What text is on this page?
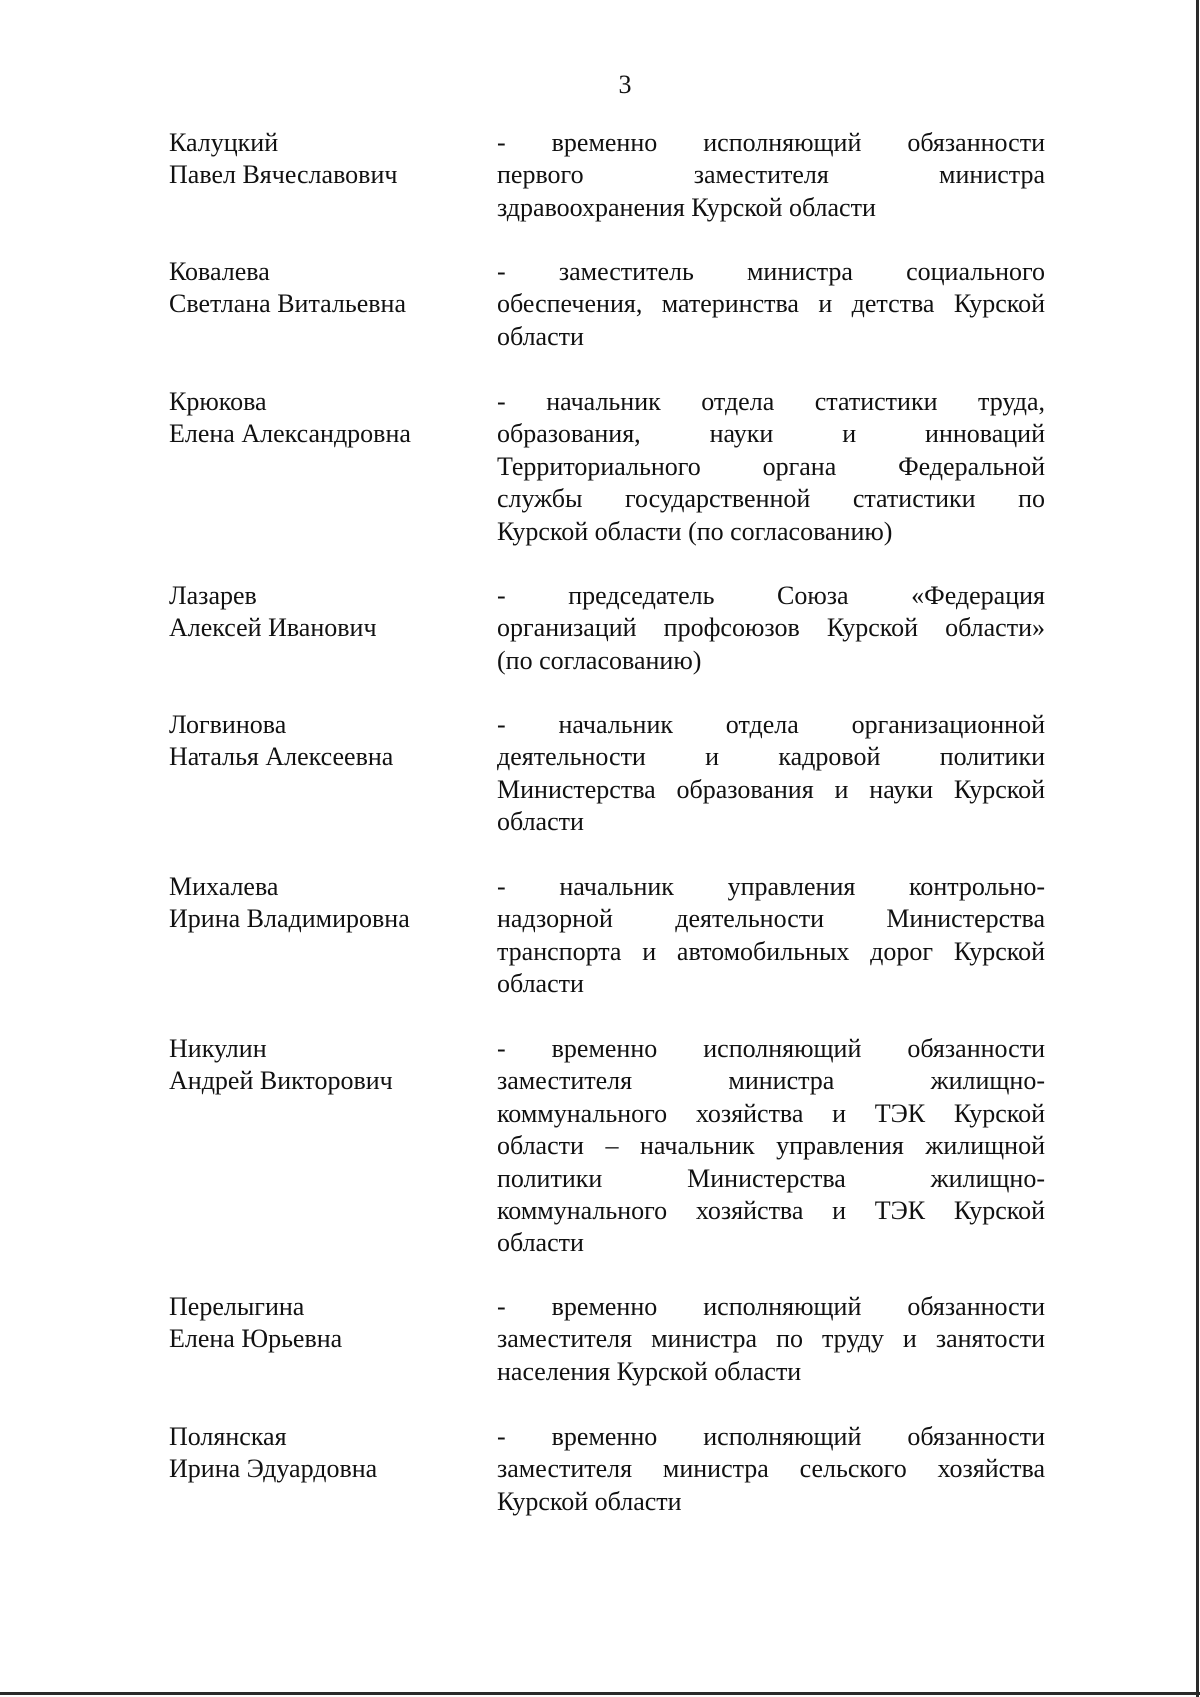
3
Калуцкий
Павел Вячеславович
- временно исполняющий обязанности
первого заместителя министра
здравоохранения Курской области
Ковалева
Светлана Витальевна
- заместитель министра социального
обеспечения, материнства и детства Курской
области
Крюкова
Елена Александровна
- начальник отдела статистики труда,
образования, науки и инноваций
Территориального органа Федеральной
службы государственной статистики по
Курской области (по согласованию)
Лазарев
Алексей Иванович
- председатель Союза «Федерация
организаций профсоюзов Курской области»
(по согласованию)
Логвинова
Наталья Алексеевна
- начальник отдела организационной
деятельности и кадровой политики
Министерства образования и науки Курской
области
Михалева
Ирина Владимировна
- начальник управления контрольно-
надзорной деятельности Министерства
транспорта и автомобильных дорог Курской
области
Никулин
Андрей Викторович
- временно исполняющий обязанности
заместителя министра жилищно-
коммунального хозяйства и ТЭК Курской
области – начальник управления жилищной
политики Министерства жилищно-
коммунального хозяйства и ТЭК Курской
области
Перелыгина
Елена Юрьевна
- временно исполняющий обязанности
заместителя министра по труду и занятости
населения Курской области
Полянская
Ирина Эдуардовна
- временно исполняющий обязанности
заместителя министра сельского хозяйства
Курской области
